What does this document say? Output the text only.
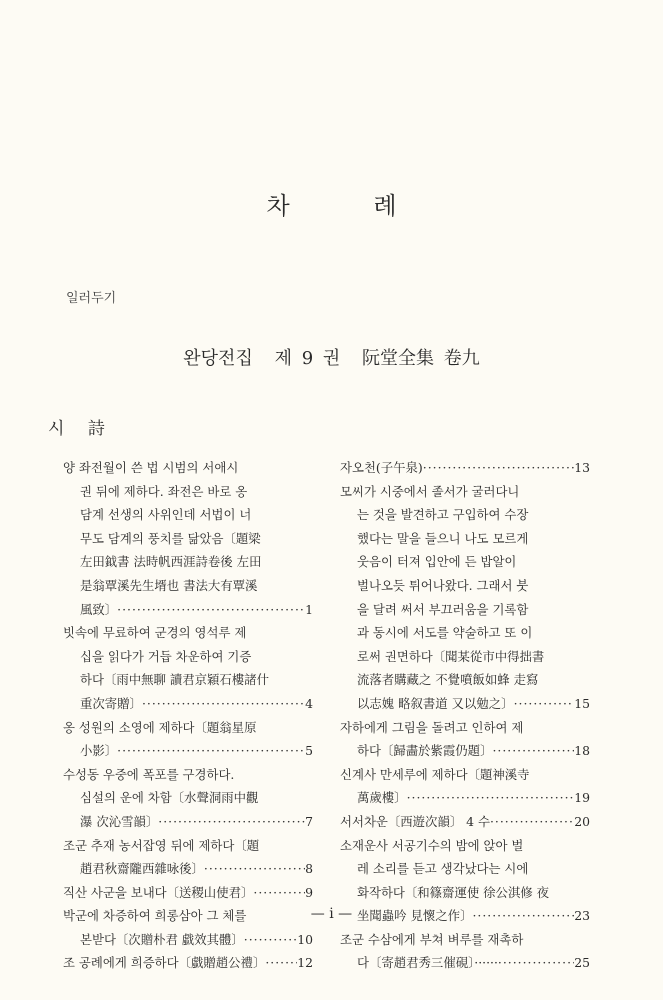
차	례
일러두기
완당전집 제 9 권 阮堂全集 卷九
시 詩
양 좌전월이 쓴 법 시범의 서애시
권 뒤에 제하다. 좌전은 바로 옹
담계 선생의 사위인데 서법이 너
무도 담계의 풍치를 닮았음〔題梁
左田鉞書 法時帆西涯詩卷後 左田
是翁覃溪先生壻也 書法大有覃溪
風致〕 ·····	1
빗속에 무료하여 군경의 영석루 제
십을 읽다가 거듭 차운하여 기증
하다〔雨中無聊 讀君京穎石樓諸什
重次寄贈〕 ·····	4
옹 성원의 소영에 제하다〔題翁星原
小影〕 ·····	5
수성동 우중에 폭포를 구경하다.
심설의 운에 차함〔水聲洞雨中觀
瀑 次沁雪韻〕 ·····	7
조군 추재 농서잡영 뒤에 제하다〔題
趙君秋齋隴西雜咏後〕 ·····	8
직산 사군을 보내다〔送稷山使君〕 ·····	9
박군에 차증하여 희롱삼아 그 체를
본받다〔次贈朴君 戱效其體〕 ·····	10
조 공례에게 희증하다〔戱贈趙公禮〕 ·····	12
자오천(子午泉) ·····	13
모씨가 시중에서 졸서가 굴러다니
는 것을 발견하고 구입하여 수장
했다는 말을 들으니 나도 모르게
웃음이 터져 입안에 든 밥알이
벌나오듯 튀어나왔다. 그래서 붓
을 달려 써서 부끄러움을 기록함
과 동시에 서도를 약술하고 또 이
로써 권면하다〔聞某從市中得拙書
流落者購藏之 不覺噴飯如蜂 走寫
以志媿 略叙書道 又以勉之〕 ·····	15
자하에게 그림을 돌려고 인하여 제
하다〔歸畵於紫霞仍題〕 ·····	18
신계사 만세루에 제하다〔題神溪寺
萬歲樓〕 ·····	19
서서차운〔西遊次韻〕 4 수 ·····	20
소재운사 서공기수의 밤에 앉아 벌
레 소리를 듣고 생각났다는 시에
화작하다〔和篠齋運使 徐公淇修 夜
坐聞蟲吟 見懷之作〕 ·····	23
조군 수삼에게 부쳐 벼루를 재촉하
다〔寄趙君秀三催硯〕······ ·····	25
— i —
